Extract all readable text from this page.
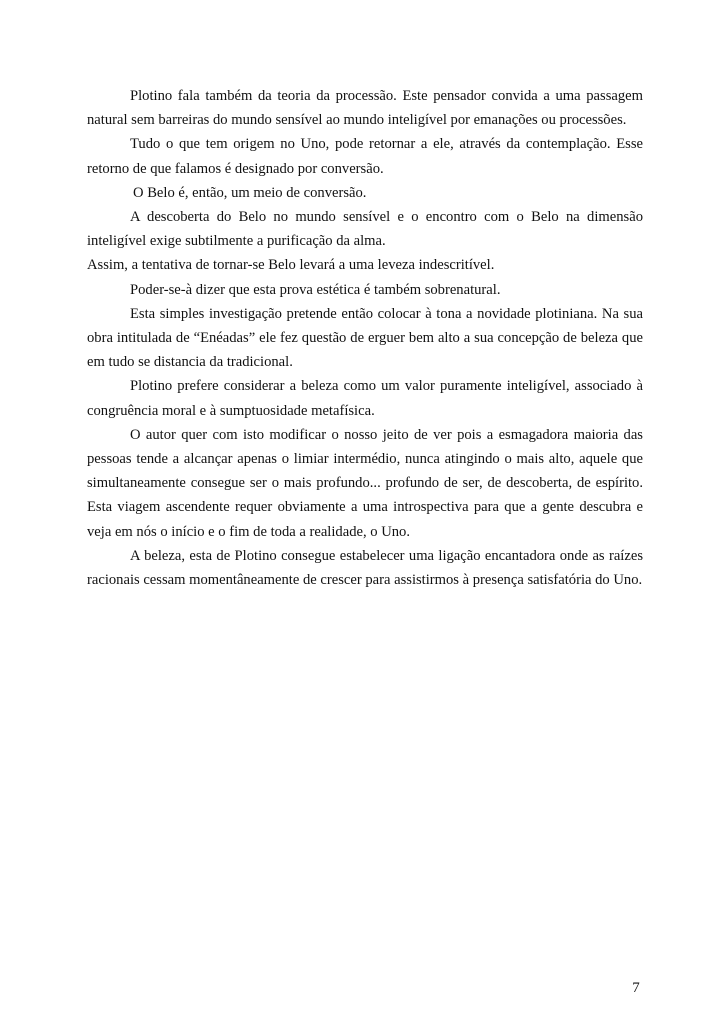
Plotino fala também da teoria da processão. Este pensador convida a uma passagem natural sem barreiras do mundo sensível ao mundo inteligível por emanações ou processões.

Tudo o que tem origem no Uno, pode retornar a ele, através da contemplação. Esse retorno de que falamos é designado por conversão.

O Belo é, então, um meio de conversão.

A descoberta do Belo no mundo sensível e o encontro com o Belo na dimensão inteligível exige subtilmente a purificação da alma.

Assim, a tentativa de tornar-se Belo levará a uma leveza indescritível.

Poder-se-à dizer que esta prova estética é também sobrenatural.

Esta simples investigação pretende então colocar à tona a novidade plotiniana. Na sua obra intitulada de “Enéadas” ele fez questão de erguer bem alto a sua concepção de beleza que em tudo se distancia da tradicional.

Plotino prefere considerar a beleza como um valor puramente inteligível, associado à congruência moral e à sumptuosidade metafísica.

O autor quer com isto modificar o nosso jeito de ver pois a esmagadora maioria das pessoas tende a alcançar apenas o limiar intermédio, nunca atingindo o mais alto, aquele que simultaneamente consegue ser o mais profundo... profundo de ser, de descoberta, de espírito. Esta viagem ascendente requer obviamente a uma introspectiva para que a gente descubra e veja em nós o início e o fim de toda a realidade, o Uno.

A beleza, esta de Plotino consegue estabelecer uma ligação encantadora onde as raízes racionais cessam momentâneamente de crescer para assistirmos à presença satisfatória do Uno.

7
